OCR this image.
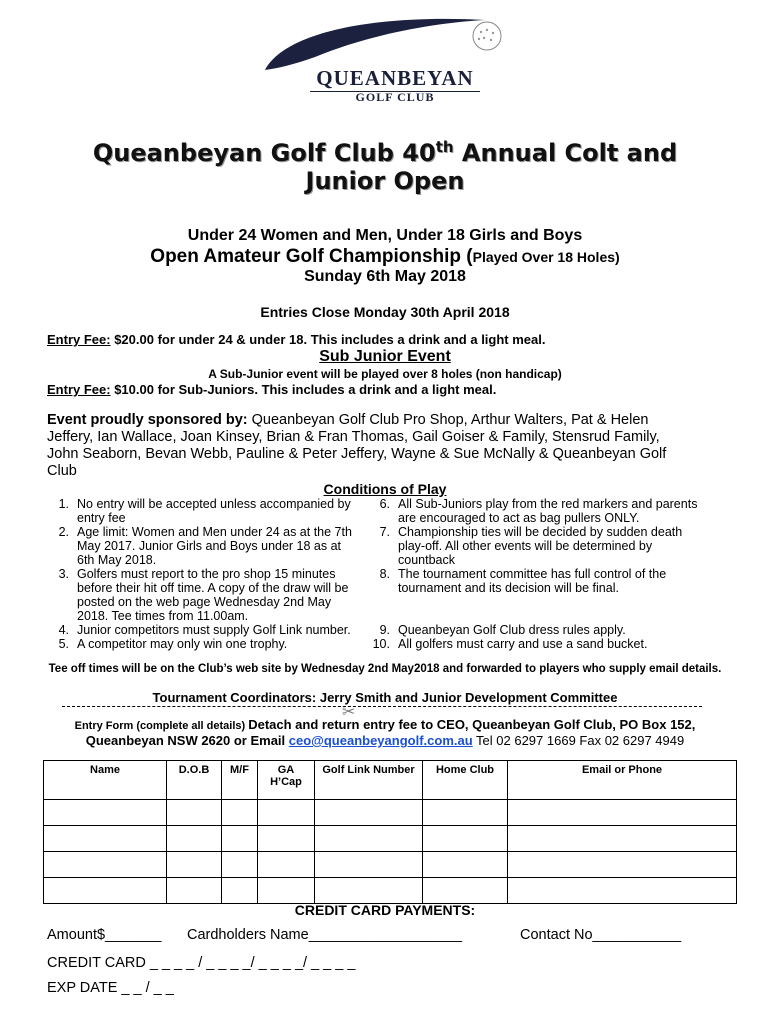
QUEANBEYAN
GOLF CLUB
Queanbeyan Golf Club 40th Annual Colt and
Junior Open
Under 24 Women and Men, Under 18 Girls and Boys
Open Amateur Golf Championship (Played Over 18 Holes)
Sunday 6th May 2018
Entries Close Monday 30th April 2018
Entry Fee: $20.00 for under 24 & under 18. This includes a drink and a light meal.
Sub Junior Event
A Sub-Junior event will be played over 8 holes (non handicap)
Entry Fee: $10.00 for Sub-Juniors. This includes a drink and a light meal.
Event proudly sponsored by: Queanbeyan Golf Club Pro Shop, Arthur Walters, Pat & Helen
Jeffery, Ian Wallace, Joan Kinsey, Brian & Fran Thomas, Gail Goiser & Family, Stensrud Family,
John Seaborn, Bevan Webb, Pauline & Peter Jeffery, Wayne & Sue McNally & Queanbeyan Golf
Club
Conditions of Play
1. No entry will be accepted unless accompanied by
entry fee
2. Age limit: Women and Men under 24 as at the 7th
May 2017. Junior Girls and Boys under 18 as at
6th May 2018.
3. Golfers must report to the pro shop 15 minutes
before their hit off time. A copy of the draw will be
posted on the web page Wednesday 2nd May
2018. Tee times from 11.00am.
4. Junior competitors must supply Golf Link number.
5. A competitor may only win one trophy.
6. All Sub-Juniors play from the red markers and parents
are encouraged to act as bag pullers ONLY.
7. Championship ties will be decided by sudden death
play-off. All other events will be determined by
countback
8. The tournament committee has full control of the
tournament and its decision will be final.
9. Queanbeyan Golf Club dress rules apply.
10. All golfers must carry and use a sand bucket.
Tee off times will be on the Club’s web site by Wednesday 2nd May2018 and forwarded to players who supply email details.
Tournament Coordinators: Jerry Smith and Junior Development Committee
✂
Entry Form (complete all details) Detach and return entry fee to CEO, Queanbeyan Golf Club, PO Box 152,
Queanbeyan NSW 2620 or Email ceo@queanbeyangolf.com.au Tel 02 6297 1669 Fax 02 6297 4949
Name	D.O.B	M/F	GA
H’Cap	Golf Link Number	Home Club	Email or Phone

CREDIT CARD PAYMENTS:
Amount$_______ Cardholders Name___________________	Contact No___________
CREDIT CARD _ _ _ _ / _ _ _ _/ _ _ _ _/ _ _ _ _
EXP DATE _ _ / _ _
